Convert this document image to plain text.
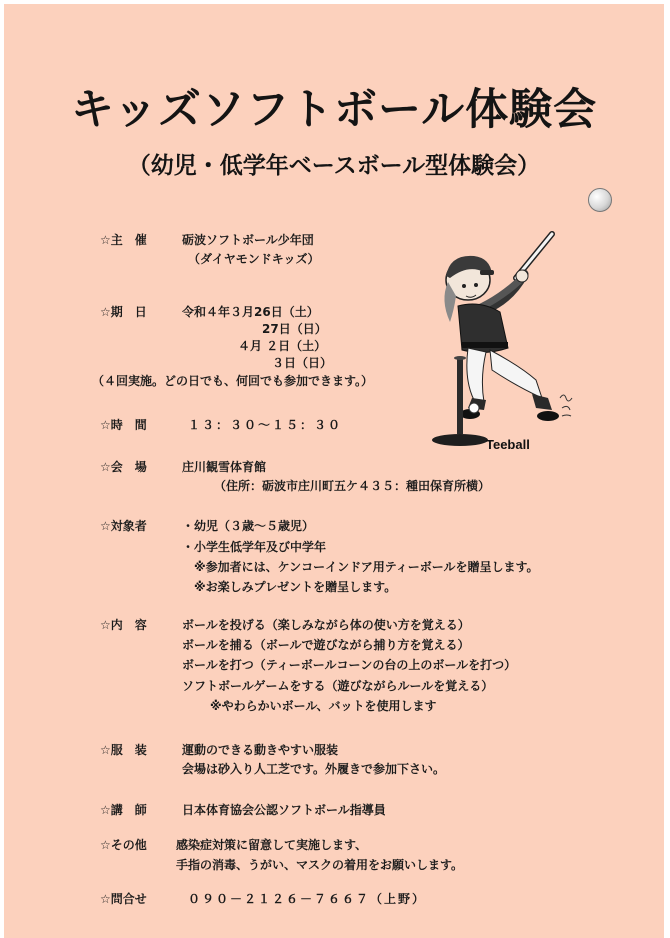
キッズソフトボール体験会
（幼児・低学年ベースボール型体験会）
Teeball
☆主　催	砺波ソフトボール少年団
（ダイヤモンドキッズ）
☆期　日	令和４年３月26日（土）
27日（日）
４月 ２日（土）
３日（日）
（４回実施。どの日でも、何回でも参加できます。）
☆時　間	１３：３０～１５：３０
☆会　場	庄川観雪体育館
（住所：砺波市庄川町五ケ４３５：種田保育所横）
☆対象者	・幼児（３歳～５歳児）
・小学生低学年及び中学年
※参加者には、ケンコーインドア用ティーボールを贈呈します。
※お楽しみプレゼントを贈呈します。
☆内　容	ボールを投げる（楽しみながら体の使い方を覚える）
ボールを捕る（ボールで遊びながら捕り方を覚える）
ボールを打つ（ティーボールコーンの台の上のボールを打つ）
ソフトボールゲームをする（遊びながらルールを覚える）
※やわらかいボール、バットを使用します
☆服　装	運動のできる動きやすい服装
会場は砂入り人工芝です。外履きで参加下さい。
☆講　師	日本体育協会公認ソフトボール指導員
☆その他 感染症対策に留意して実施します、
手指の消毒、うがい、マスクの着用をお願いします。
☆問合せ	０９０－２１２６－７６６７（上野）
